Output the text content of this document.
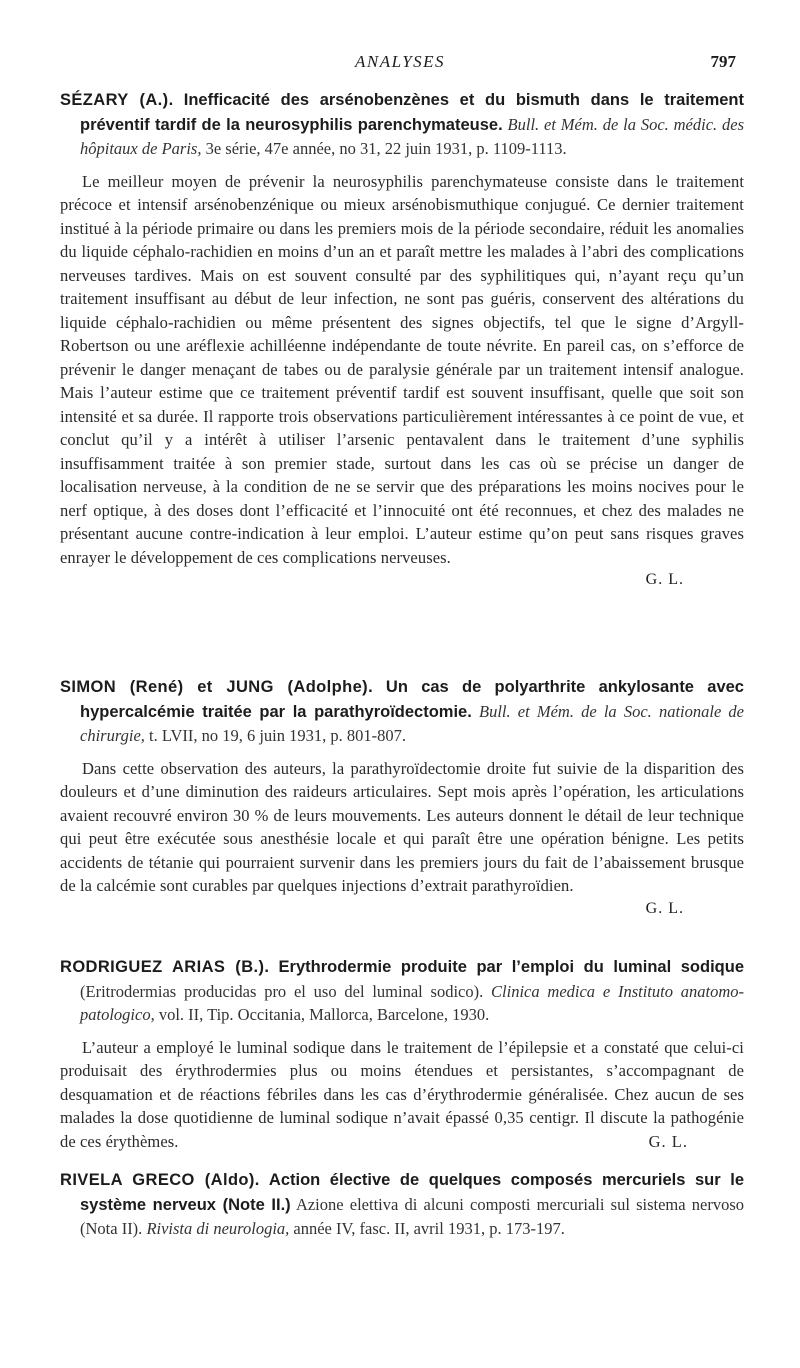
ANALYSES	797

SÉZARY (A.). Inefficacité des arsénobenzènes et du bismuth dans le traitement préventif tardif de la neurosyphilis parenchymateuse. Bull. et Mém. de la Soc. médic. des hôpitaux de Paris, 3e série, 47e année, no 31, 22 juin 1931, p. 1109-1113.

Le meilleur moyen de prévenir la neurosyphilis parenchymateuse consiste dans le traitement précoce et intensif arsénobenzénique ou mieux arsénobismuthique conjugué. Ce dernier traitement institué à la période primaire ou dans les premiers mois de la période secondaire, réduit les anomalies du liquide céphalo-rachidien en moins d’un an et paraît mettre les malades à l’abri des complications nerveuses tardives. Mais on est souvent consulté par des syphilitiques qui, n’ayant reçu qu’un traitement insuffisant au début de leur infection, ne sont pas guéris, conservent des altérations du liquide céphalo-rachidien ou même présentent des signes objectifs, tel que le signe d’Argyll-Robertson ou une aréflexie achilléenne indépendante de toute névrite. En pareil cas, on s’efforce de prévenir le danger menaçant de tabes ou de paralysie générale par un traitement intensif analogue. Mais l’auteur estime que ce traitement préventif tardif est souvent insuffisant, quelle que soit son intensité et sa durée. Il rapporte trois observations particulièrement intéressantes à ce point de vue, et conclut qu’il y a intérêt à utiliser l’arsenic pentavalent dans le traitement d’une syphilis insuffisamment traitée à son premier stade, surtout dans les cas où se précise un danger de localisation nerveuse, à la condition de ne se servir que des préparations les moins nocives pour le nerf optique, à des doses dont l’efficacité et l’innocuité ont été reconnues, et chez des malades ne présentant aucune contre-indication à leur emploi. L’auteur estime qu’on peut sans risques graves enrayer le développement de ces complications nerveuses.

G. L.

SIMON (René) et JUNG (Adolphe). Un cas de polyarthrite ankylosante avec hypercalcémie traitée par la parathyroïdectomie. Bull. et Mém. de la Soc. nationale de chirurgie, t. LVII, no 19, 6 juin 1931, p. 801-807.

Dans cette observation des auteurs, la parathyroïdectomie droite fut suivie de la disparition des douleurs et d’une diminution des raideurs articulaires. Sept mois après l’opération, les articulations avaient recouvré environ 30 % de leurs mouvements. Les auteurs donnent le détail de leur technique qui peut être exécutée sous anesthésie locale et qui paraît être une opération bénigne. Les petits accidents de tétanie qui pourraient survenir dans les premiers jours du fait de l’abaissement brusque de la calcémie sont curables par quelques injections d’extrait parathyroïdien.

G. L.

RODRIGUEZ ARIAS (B.). Erythrodermie produite par l’emploi du luminal sodique (Eritrodermias producidas pro el uso del luminal sodico). Clinica medica e Instituto anatomo-patologico, vol. II, Tip. Occitania, Mallorca, Barcelone, 1930.

L’auteur a employé le luminal sodique dans le traitement de l’épilepsie et a constaté que celui-ci produisait des érythrodermies plus ou moins étendues et persistantes, s’accompagnant de desquamation et de réactions fébriles dans les cas d’érythrodermie généralisée. Chez aucun de ses malades la dose quotidienne de luminal sodique n’avait épassé 0,35 centigr. Il discute la pathogénie de ces érythèmes.	G. L.

RIVELA GRECO (Aldo). Action élective de quelques composés mercuriels sur le système nerveux (Note II.) Azione elettiva di alcuni composti mercuriali sul sistema nervoso (Nota II). Rivista di neurologia, année IV, fasc. II, avril 1931, p. 173-197.
